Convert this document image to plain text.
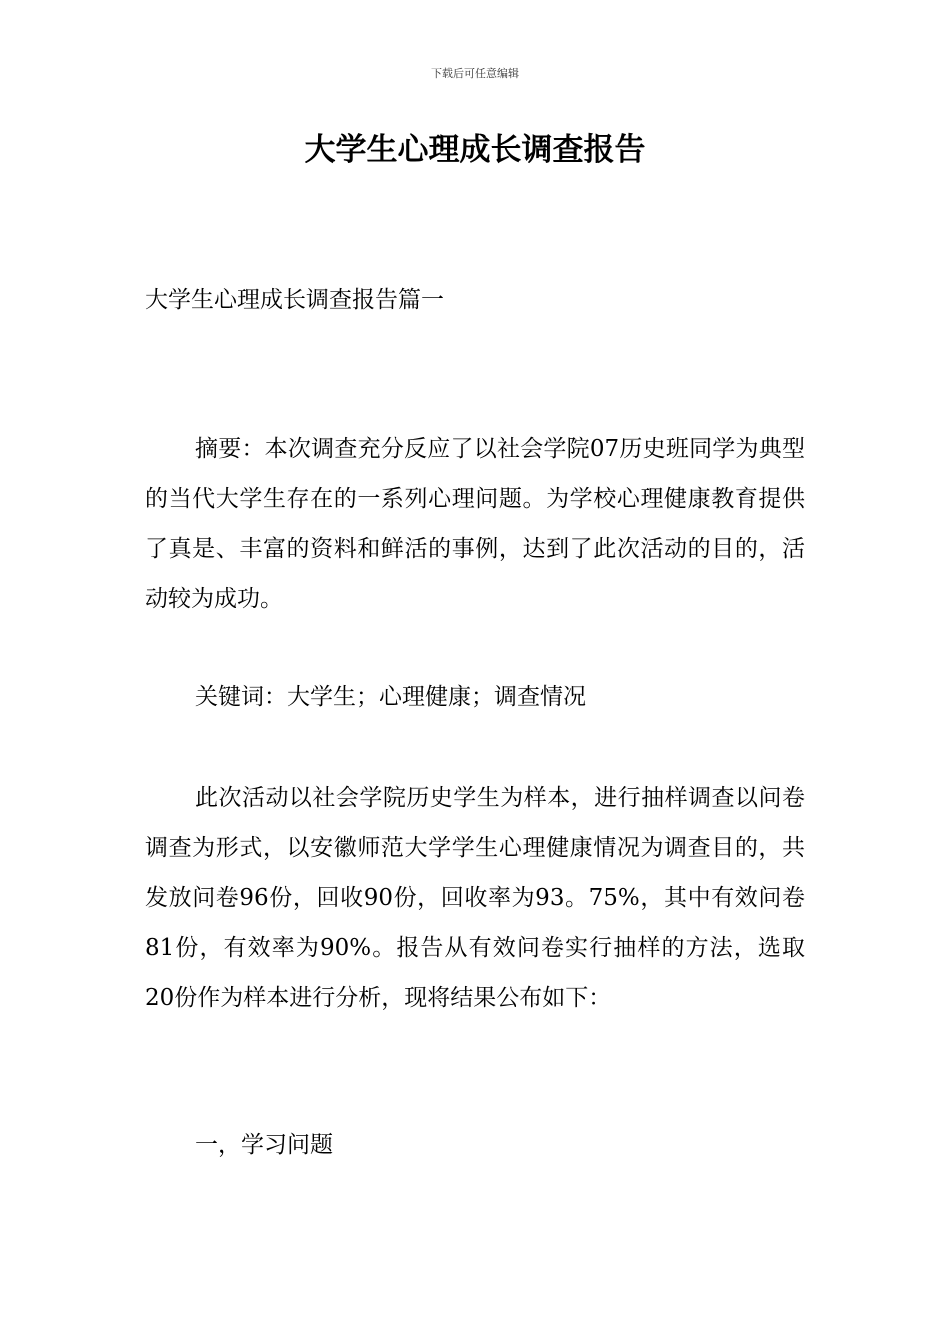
下载后可任意编辑
大学生心理成长调查报告

大学生心理成长调查报告篇一

摘要：本次调查充分反应了以社会学院07历史班同学为典型的当代大学生存在的一系列心理问题。为学校心理健康教育提供了真是、丰富的资料和鲜活的事例，达到了此次活动的目的，活动较为成功。

关键词：大学生；心理健康；调查情况

此次活动以社会学院历史学生为样本，进行抽样调查以问卷调查为形式，以安徽师范大学学生心理健康情况为调查目的，共发放问卷96份，回收90份，回收率为93。75%，其中有效问卷81份，有效率为90%。报告从有效问卷实行抽样的方法，选取20份作为样本进行分析，现将结果公布如下：

一，学习问题
